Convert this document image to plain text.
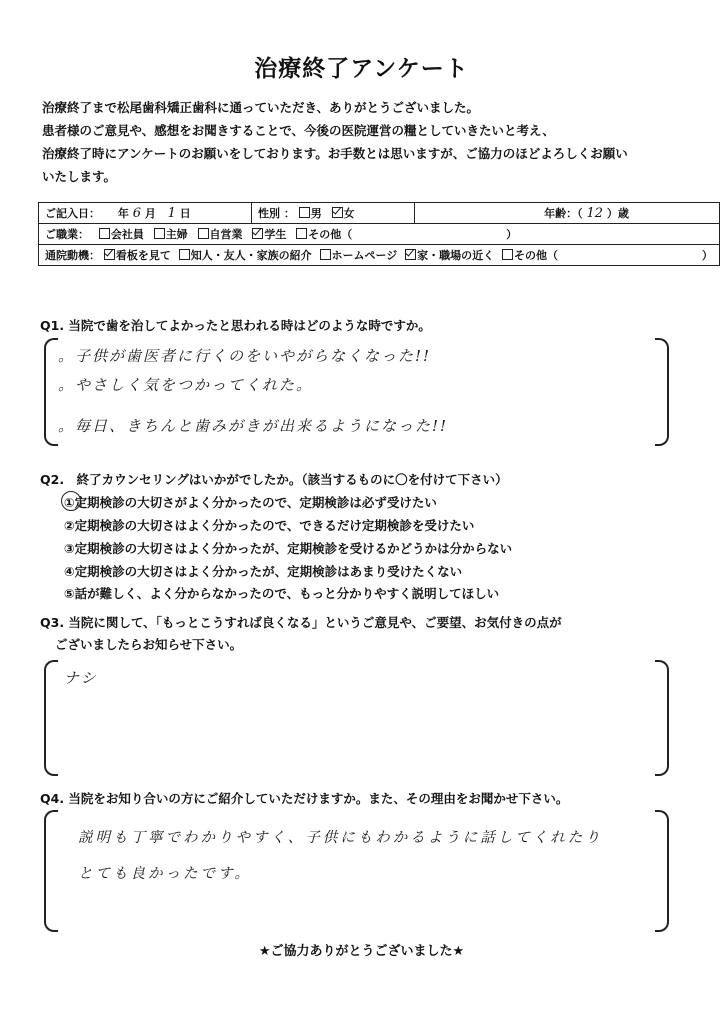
治療終了アンケート
治療終了まで松尾歯科矯正歯科に通っていただき、ありがとうございました。
患者様のご意見や、感想をお聞きすることで、今後の医院運営の糧としていきたいと考え、
治療終了時にアンケートのお願いをしております。お手数とは思いますが、ご協力のほどよろしくお願い
いたします。
ご記入日： 年 6 月 1 日	性別 ： 男 女	年齢：（ 12 ）歳
ご職業： 会社員 主婦 自営業 学生 その他（	）
通院動機： 看板を見て 知人・友人・家族の紹介 ホームページ 家・職場の近く その他（	）
Q1. 当院で歯を治してよかったと思われる時はどのような時ですか。
。子供が歯医者に行くのをいやがらなくなった!!
。やさしく気をつかってくれた。
。毎日、きちんと歯みがきが出来るようになった!!
Q2.　終了カウンセリングはいかがでしたか。（該当するものに〇を付けて下さい）
①定期検診の大切さがよく分かったので、定期検診は必ず受けたい
②定期検診の大切さはよく分かったので、できるだけ定期検診を受けたい
③定期検診の大切さはよく分かったが、定期検診を受けるかどうかは分からない
④定期検診の大切さはよく分かったが、定期検診はあまり受けたくない
⑤話が難しく、よく分からなかったので、もっと分かりやすく説明してほしい
Q3. 当院に関して、「もっとこうすれば良くなる」というご意見や、ご要望、お気付きの点が
ございましたらお知らせ下さい。
ナシ
Q4. 当院をお知り合いの方にご紹介していただけますか。また、その理由をお聞かせ下さい。
説明も丁寧でわかりやすく、子供にもわかるように話してくれたり
とても良かったです。
★ご協力ありがとうございました★
